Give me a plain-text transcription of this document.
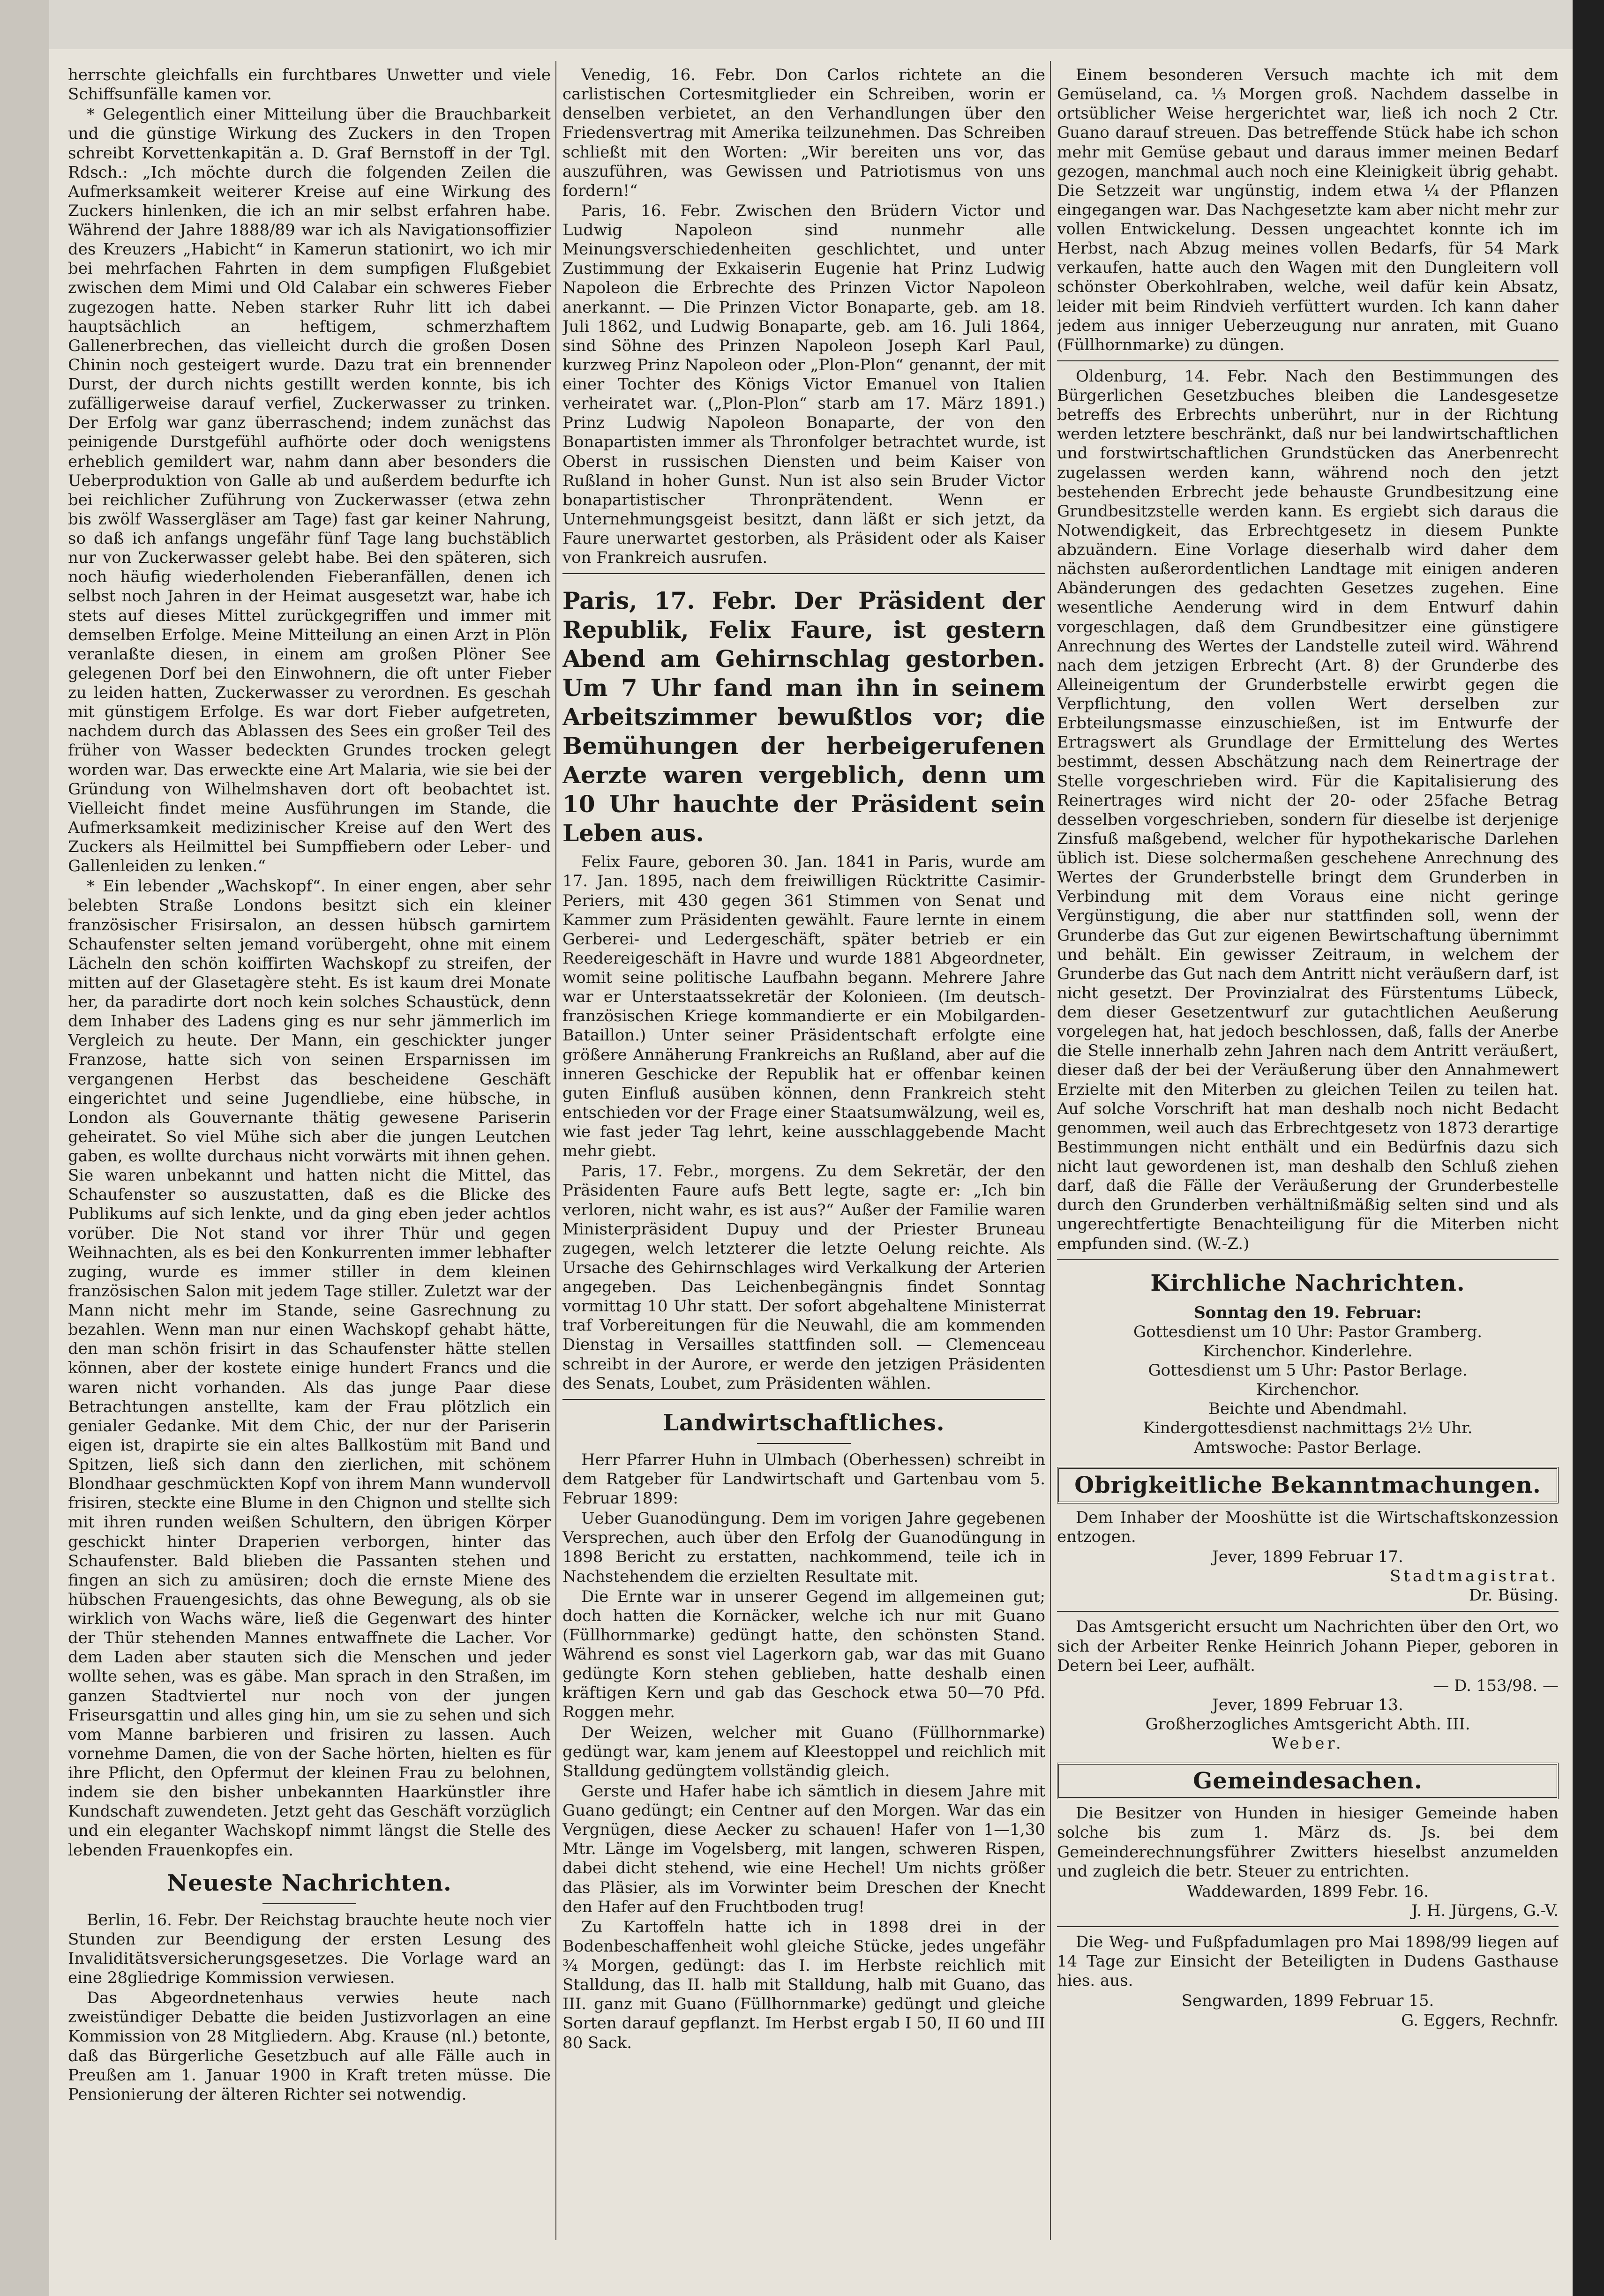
herrschte gleichfalls ein furchtbares Unwetter und viele Schiffsunfälle kamen vor.

* Gelegentlich einer Mitteilung über die Brauchbarkeit und die günstige Wirkung des Zuckers in den Tropen schreibt Korvettenkapitän a. D. Graf Bernstoff in der Tgl. Rdsch.: „Ich möchte durch die folgenden Zeilen die Aufmerksamkeit weiterer Kreise auf eine Wirkung des Zuckers hinlenken, die ich an mir selbst erfahren habe. Während der Jahre 1888/89 war ich als Navigationsoffizier des Kreuzers „Habicht“ in Kamerun stationirt, wo ich mir bei mehrfachen Fahrten in dem sumpfigen Flußgebiet zwischen dem Mimi und Old Calabar ein schweres Fieber zugezogen hatte. Neben starker Ruhr litt ich dabei hauptsächlich an heftigem, schmerzhaftem Gallenerbrechen, das vielleicht durch die großen Dosen Chinin noch gesteigert wurde. Dazu trat ein brennender Durst, der durch nichts gestillt werden konnte, bis ich zufälligerweise darauf verfiel, Zuckerwasser zu trinken. Der Erfolg war ganz überraschend; indem zunächst das peinigende Durstgefühl aufhörte oder doch wenigstens erheblich gemildert war, nahm dann aber besonders die Ueberproduktion von Galle ab und außerdem bedurfte ich bei reichlicher Zuführung von Zuckerwasser (etwa zehn bis zwölf Wassergläser am Tage) fast gar keiner Nahrung, so daß ich anfangs ungefähr fünf Tage lang buchstäblich nur von Zuckerwasser gelebt habe. Bei den späteren, sich noch häufig wiederholenden Fieberanfällen, denen ich selbst noch Jahren in der Heimat ausgesetzt war, habe ich stets auf dieses Mittel zurückgegriffen und immer mit demselben Erfolge. Meine Mitteilung an einen Arzt in Plön veranlaßte diesen, in einem am großen Plöner See gelegenen Dorf bei den Einwohnern, die oft unter Fieber zu leiden hatten, Zuckerwasser zu verordnen. Es geschah mit günstigem Erfolge. Es war dort Fieber aufgetreten, nachdem durch das Ablassen des Sees ein großer Teil des früher von Wasser bedeckten Grundes trocken gelegt worden war. Das erweckte eine Art Malaria, wie sie bei der Gründung von Wilhelmshaven dort oft beobachtet ist. Vielleicht findet meine Ausführungen im Stande, die Aufmerksamkeit medizinischer Kreise auf den Wert des Zuckers als Heilmittel bei Sumpffiebern oder Leber- und Gallenleiden zu lenken.“

* Ein lebender „Wachskopf“. In einer engen, aber sehr belebten Straße Londons besitzt sich ein kleiner französischer Frisirsalon, an dessen hübsch garnirtem Schaufenster selten jemand vorübergeht, ohne mit einem Lächeln den schön koiffirten Wachskopf zu streifen, der mitten auf der Glasetagère steht. Es ist kaum drei Monate her, da paradirte dort noch kein solches Schaustück, denn dem Inhaber des Ladens ging es nur sehr jämmerlich im Vergleich zu heute. Der Mann, ein geschickter junger Franzose, hatte sich von seinen Ersparnissen im vergangenen Herbst das bescheidene Geschäft eingerichtet und seine Jugendliebe, eine hübsche, in London als Gouvernante thätig gewesene Pariserin geheiratet. So viel Mühe sich aber die jungen Leutchen gaben, es wollte durchaus nicht vorwärts mit ihnen gehen. Sie waren unbekannt und hatten nicht die Mittel, das Schaufenster so auszustatten, daß es die Blicke des Publikums auf sich lenkte, und da ging eben jeder achtlos vorüber. Die Not stand vor ihrer Thür und gegen Weihnachten, als es bei den Konkurrenten immer lebhafter zuging, wurde es immer stiller in dem kleinen französischen Salon mit jedem Tage stiller. Zuletzt war der Mann nicht mehr im Stande, seine Gasrechnung zu bezahlen. Wenn man nur einen Wachskopf gehabt hätte, den man schön frisirt in das Schaufenster hätte stellen können, aber der kostete einige hundert Francs und die waren nicht vorhanden. Als das junge Paar diese Betrachtungen anstellte, kam der Frau plötzlich ein genialer Gedanke. Mit dem Chic, der nur der Pariserin eigen ist, drapirte sie ein altes Ballkostüm mit Band und Spitzen, ließ sich dann den zierlichen, mit schönem Blondhaar geschmückten Kopf von ihrem Mann wundervoll frisiren, steckte eine Blume in den Chignon und stellte sich mit ihren runden weißen Schultern, den übrigen Körper geschickt hinter Draperien verborgen, hinter das Schaufenster. Bald blieben die Passanten stehen und fingen an sich zu amüsiren; doch die ernste Miene des hübschen Frauengesichts, das ohne Bewegung, als ob sie wirklich von Wachs wäre, ließ die Gegenwart des hinter der Thür stehenden Mannes entwaffnete die Lacher. Vor dem Laden aber stauten sich die Menschen und jeder wollte sehen, was es gäbe. Man sprach in den Straßen, im ganzen Stadtviertel nur noch von der jungen Friseursgattin und alles ging hin, um sie zu sehen und sich vom Manne barbieren und frisiren zu lassen. Auch vornehme Damen, die von der Sache hörten, hielten es für ihre Pflicht, den Opfermut der kleinen Frau zu belohnen, indem sie den bisher unbekannten Haarkünstler ihre Kundschaft zuwendeten. Jetzt geht das Geschäft vorzüglich und ein eleganter Wachskopf nimmt längst die Stelle des lebenden Frauenkopfes ein.

Neueste Nachrichten.

Berlin, 16. Febr. Der Reichstag brauchte heute noch vier Stunden zur Beendigung der ersten Lesung des Invaliditätsversicherungsgesetzes. Die Vorlage ward an eine 28gliedrige Kommission verwiesen.

Das Abgeordnetenhaus verwies heute nach zweistündiger Debatte die beiden Justizvorlagen an eine Kommission von 28 Mitgliedern. Abg. Krause (nl.) betonte, daß das Bürgerliche Gesetzbuch auf alle Fälle auch in Preußen am 1. Januar 1900 in Kraft treten müsse. Die Pensionierung der älteren Richter sei notwendig.

Venedig, 16. Febr. Don Carlos richtete an die carlistischen Cortesmitglieder ein Schreiben, worin er denselben verbietet, an den Verhandlungen über den Friedensvertrag mit Amerika teilzunehmen. Das Schreiben schließt mit den Worten: „Wir bereiten uns vor, das auszuführen, was Gewissen und Patriotismus von uns fordern!“

Paris, 16. Febr. Zwischen den Brüdern Victor und Ludwig Napoleon sind nunmehr alle Meinungsverschiedenheiten geschlichtet, und unter Zustimmung der Exkaiserin Eugenie hat Prinz Ludwig Napoleon die Erbrechte des Prinzen Victor Napoleon anerkannt. — Die Prinzen Victor Bonaparte, geb. am 18. Juli 1862, und Ludwig Bonaparte, geb. am 16. Juli 1864, sind Söhne des Prinzen Napoleon Joseph Karl Paul, kurzweg Prinz Napoleon oder „Plon-Plon“ genannt, der mit einer Tochter des Königs Victor Emanuel von Italien verheiratet war. („Plon-Plon“ starb am 17. März 1891.) Prinz Ludwig Napoleon Bonaparte, der von den Bonapartisten immer als Thronfolger betrachtet wurde, ist Oberst in russischen Diensten und beim Kaiser von Rußland in hoher Gunst. Nun ist also sein Bruder Victor bonapartistischer Thronprätendent. Wenn er Unternehmungsgeist besitzt, dann läßt er sich jetzt, da Faure unerwartet gestorben, als Präsident oder als Kaiser von Frankreich ausrufen.

Paris, 17. Febr. Der Präsident der Republik, Felix Faure, ist gestern Abend am Gehirnschlag gestorben. Um 7 Uhr fand man ihn in seinem Arbeitszimmer bewußtlos vor; die Bemühungen der herbeigerufenen Aerzte waren vergeblich, denn um 10 Uhr hauchte der Präsident sein Leben aus.

Felix Faure, geboren 30. Jan. 1841 in Paris, wurde am 17. Jan. 1895, nach dem freiwilligen Rücktritte Casimir-Periers, mit 430 gegen 361 Stimmen von Senat und Kammer zum Präsidenten gewählt. Faure lernte in einem Gerberei- und Ledergeschäft, später betrieb er ein Reedereigeschäft in Havre und wurde 1881 Abgeordneter, womit seine politische Laufbahn begann. Mehrere Jahre war er Unterstaatssekretär der Kolonieen. (Im deutsch-französischen Kriege kommandierte er ein Mobilgarden-Bataillon.) Unter seiner Präsidentschaft erfolgte eine größere Annäherung Frankreichs an Rußland, aber auf die inneren Geschicke der Republik hat er offenbar keinen guten Einfluß ausüben können, denn Frankreich steht entschieden vor der Frage einer Staatsumwälzung, weil es, wie fast jeder Tag lehrt, keine ausschlaggebende Macht mehr giebt.

Paris, 17. Febr., morgens. Zu dem Sekretär, der den Präsidenten Faure aufs Bett legte, sagte er: „Ich bin verloren, nicht wahr, es ist aus?“ Außer der Familie waren Ministerpräsident Dupuy und der Priester Bruneau zugegen, welch letzterer die letzte Oelung reichte. Als Ursache des Gehirnschlages wird Verkalkung der Arterien angegeben. Das Leichenbegängnis findet Sonntag vormittag 10 Uhr statt. Der sofort abgehaltene Ministerrat traf Vorbereitungen für die Neuwahl, die am kommenden Dienstag in Versailles stattfinden soll. — Clemenceau schreibt in der Aurore, er werde den jetzigen Präsidenten des Senats, Loubet, zum Präsidenten wählen.

Landwirtschaftliches.

Herr Pfarrer Huhn in Ulmbach (Oberhessen) schreibt in dem Ratgeber für Landwirtschaft und Gartenbau vom 5. Februar 1899:

Ueber Guanodüngung. Dem im vorigen Jahre gegebenen Versprechen, auch über den Erfolg der Guanodüngung in 1898 Bericht zu erstatten, nachkommend, teile ich in Nachstehendem die erzielten Resultate mit.

Die Ernte war in unserer Gegend im allgemeinen gut; doch hatten die Kornäcker, welche ich nur mit Guano (Füllhornmarke) gedüngt hatte, den schönsten Stand. Während es sonst viel Lagerkorn gab, war das mit Guano gedüngte Korn stehen geblieben, hatte deshalb einen kräftigen Kern und gab das Geschock etwa 50—70 Pfd. Roggen mehr.

Der Weizen, welcher mit Guano (Füllhornmarke) gedüngt war, kam jenem auf Kleestoppel und reichlich mit Stalldung gedüngtem vollständig gleich.

Gerste und Hafer habe ich sämtlich in diesem Jahre mit Guano gedüngt; ein Centner auf den Morgen. War das ein Vergnügen, diese Aecker zu schauen! Hafer von 1—1,30 Mtr. Länge im Vogelsberg, mit langen, schweren Rispen, dabei dicht stehend, wie eine Hechel! Um nichts größer das Pläsier, als im Vorwinter beim Dreschen der Knecht den Hafer auf den Fruchtboden trug!

Zu Kartoffeln hatte ich in 1898 drei in der Bodenbeschaffenheit wohl gleiche Stücke, jedes ungefähr ¾ Morgen, gedüngt: das I. im Herbste reichlich mit Stalldung, das II. halb mit Stalldung, halb mit Guano, das III. ganz mit Guano (Füllhornmarke) gedüngt und gleiche Sorten darauf gepflanzt. Im Herbst ergab I 50, II 60 und III 80 Sack.

Einem besonderen Versuch machte ich mit dem Gemüseland, ca. ⅓ Morgen groß. Nachdem dasselbe in ortsüblicher Weise hergerichtet war, ließ ich noch 2 Ctr. Guano darauf streuen. Das betreffende Stück habe ich schon mehr mit Gemüse gebaut und daraus immer meinen Bedarf gezogen, manchmal auch noch eine Kleinigkeit übrig gehabt. Die Setzzeit war ungünstig, indem etwa ¼ der Pflanzen eingegangen war. Das Nachgesetzte kam aber nicht mehr zur vollen Entwickelung. Dessen ungeachtet konnte ich im Herbst, nach Abzug meines vollen Bedarfs, für 54 Mark verkaufen, hatte auch den Wagen mit den Dungleitern voll schönster Oberkohlraben, welche, weil dafür kein Absatz, leider mit beim Rindvieh verfüttert wurden. Ich kann daher jedem aus inniger Ueberzeugung nur anraten, mit Guano (Füllhornmarke) zu düngen.

Oldenburg, 14. Febr. Nach den Bestimmungen des Bürgerlichen Gesetzbuches bleiben die Landesgesetze betreffs des Erbrechts unberührt, nur in der Richtung werden letztere beschränkt, daß nur bei landwirtschaftlichen und forstwirtschaftlichen Grundstücken das Anerbenrecht zugelassen werden kann, während noch den jetzt bestehenden Erbrecht jede behauste Grundbesitzung eine Grundbesitzstelle werden kann. Es ergiebt sich daraus die Notwendigkeit, das Erbrechtgesetz in diesem Punkte abzuändern. Eine Vorlage dieserhalb wird daher dem nächsten außerordentlichen Landtage mit einigen anderen Abänderungen des gedachten Gesetzes zugehen. Eine wesentliche Aenderung wird in dem Entwurf dahin vorgeschlagen, daß dem Grundbesitzer eine günstigere Anrechnung des Wertes der Landstelle zuteil wird. Während nach dem jetzigen Erbrecht (Art. 8) der Grunderbe des Alleineigentum der Grunderbstelle erwirbt gegen die Verpflichtung, den vollen Wert derselben zur Erbteilungsmasse einzuschießen, ist im Entwurfe der Ertragswert als Grundlage der Ermittelung des Wertes bestimmt, dessen Abschätzung nach dem Reinertrage der Stelle vorgeschrieben wird. Für die Kapitalisierung des Reinertrages wird nicht der 20- oder 25fache Betrag desselben vorgeschrieben, sondern für dieselbe ist derjenige Zinsfuß maßgebend, welcher für hypothekarische Darlehen üblich ist. Diese solchermaßen geschehene Anrechnung des Wertes der Grunderbstelle bringt dem Grunderben in Verbindung mit dem Voraus eine nicht geringe Vergünstigung, die aber nur stattfinden soll, wenn der Grunderbe das Gut zur eigenen Bewirtschaftung übernimmt und behält. Ein gewisser Zeitraum, in welchem der Grunderbe das Gut nach dem Antritt nicht veräußern darf, ist nicht gesetzt. Der Provinzialrat des Fürstentums Lübeck, dem dieser Gesetzentwurf zur gutachtlichen Aeußerung vorgelegen hat, hat jedoch beschlossen, daß, falls der Anerbe die Stelle innerhalb zehn Jahren nach dem Antritt veräußert, dieser daß der bei der Veräußerung über den Annahmewert Erzielte mit den Miterben zu gleichen Teilen zu teilen hat. Auf solche Vorschrift hat man deshalb noch nicht Bedacht genommen, weil auch das Erbrechtgesetz von 1873 derartige Bestimmungen nicht enthält und ein Bedürfnis dazu sich nicht laut gewordenen ist, man deshalb den Schluß ziehen darf, daß die Fälle der Veräußerung der Grunderbestelle durch den Grunderben verhältnißmäßig selten sind und als ungerechtfertigte Benachteiligung für die Miterben nicht empfunden sind. (W.-Z.)

Kirchliche Nachrichten.
Sonntag den 19. Februar:
Gottesdienst um 10 Uhr: Pastor Gramberg.
Kirchenchor. Kinderlehre.
Gottesdienst um 5 Uhr: Pastor Berlage.
Kirchenchor.
Beichte und Abendmahl.
Kindergottesdienst nachmittags 2½ Uhr.
Amtswoche: Pastor Berlage.
Obrigkeitliche Bekanntmachungen.

Dem Inhaber der Mooshütte ist die Wirtschaftskonzession entzogen.

Jever, 1899 Februar 17.
Stadtmagistrat.
Dr. Büsing.

Das Amtsgericht ersucht um Nachrichten über den Ort, wo sich der Arbeiter Renke Heinrich Johann Pieper, geboren in Detern bei Leer, aufhält.

— D. 153/98. —
Jever, 1899 Februar 13.
Großherzogliches Amtsgericht Abth. III.
Weber.
Gemeindesachen.

Die Besitzer von Hunden in hiesiger Gemeinde haben solche bis zum 1. März ds. Js. bei dem Gemeinderechnungsführer Zwitters hieselbst anzumelden und zugleich die betr. Steuer zu entrichten.

Waddewarden, 1899 Febr. 16.
J. H. Jürgens, G.-V.

Die Weg- und Fußpfadumlagen pro Mai 1898/99 liegen auf 14 Tage zur Einsicht der Beteiligten in Dudens Gasthause hies. aus.

Sengwarden, 1899 Februar 15.
G. Eggers, Rechnfr.
